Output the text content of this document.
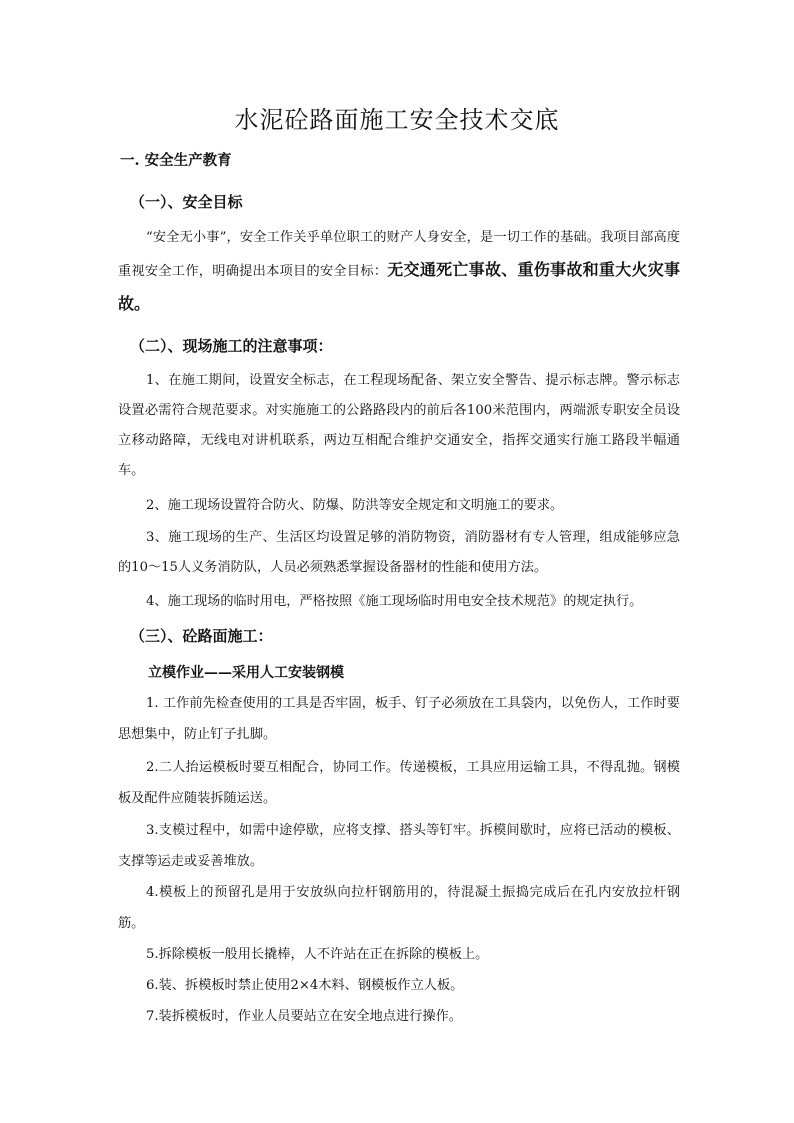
水泥砼路面施工安全技术交底
一. 安全生产教育
（一）、安全目标

“安全无小事”，安全工作关乎单位职工的财产人身安全，是一切工作的基础。我项目部高度重视安全工作，明确提出本项目的安全目标：无交通死亡事故、重伤事故和重大火灾事故。

（二）、现场施工的注意事项：

1、在施工期间，设置安全标志，在工程现场配备、架立安全警告、提示标志牌。警示标志设置必需符合规范要求。对实施施工的公路路段内的前后各100米范围内，两端派专职安全员设立移动路障，无线电对讲机联系，两边互相配合维护交通安全，指挥交通实行施工路段半幅通车。

2、施工现场设置符合防火、防爆、防洪等安全规定和文明施工的要求。

3、施工现场的生产、生活区均设置足够的消防物资，消防器材有专人管理，组成能够应急的10～15人义务消防队，人员必须熟悉掌握设备器材的性能和使用方法。

4、施工现场的临时用电，严格按照《施工现场临时用电安全技术规范》的规定执行。

（三）、砼路面施工：
立模作业——采用人工安装钢模

1. 工作前先检查使用的工具是否牢固，板手、钉子必须放在工具袋内，以免伤人，工作时要思想集中，防止钉子扎脚。

2.二人抬运模板时要互相配合，协同工作。传递模板，工具应用运输工具，不得乱抛。钢模板及配件应随装拆随运送。

3.支模过程中，如需中途停歇，应将支撑、搭头等钉牢。拆模间歇时，应将已活动的模板、支撑等运走或妥善堆放。

4.模板上的预留孔是用于安放纵向拉杆钢筋用的，待混凝土振捣完成后在孔内安放拉杆钢筋。

5.拆除模板一般用长撬棒，人不许站在正在拆除的模板上。

6.装、拆模板时禁止使用2×4木料、钢模板作立人板。

7.装拆模板时，作业人员要站立在安全地点进行操作。
